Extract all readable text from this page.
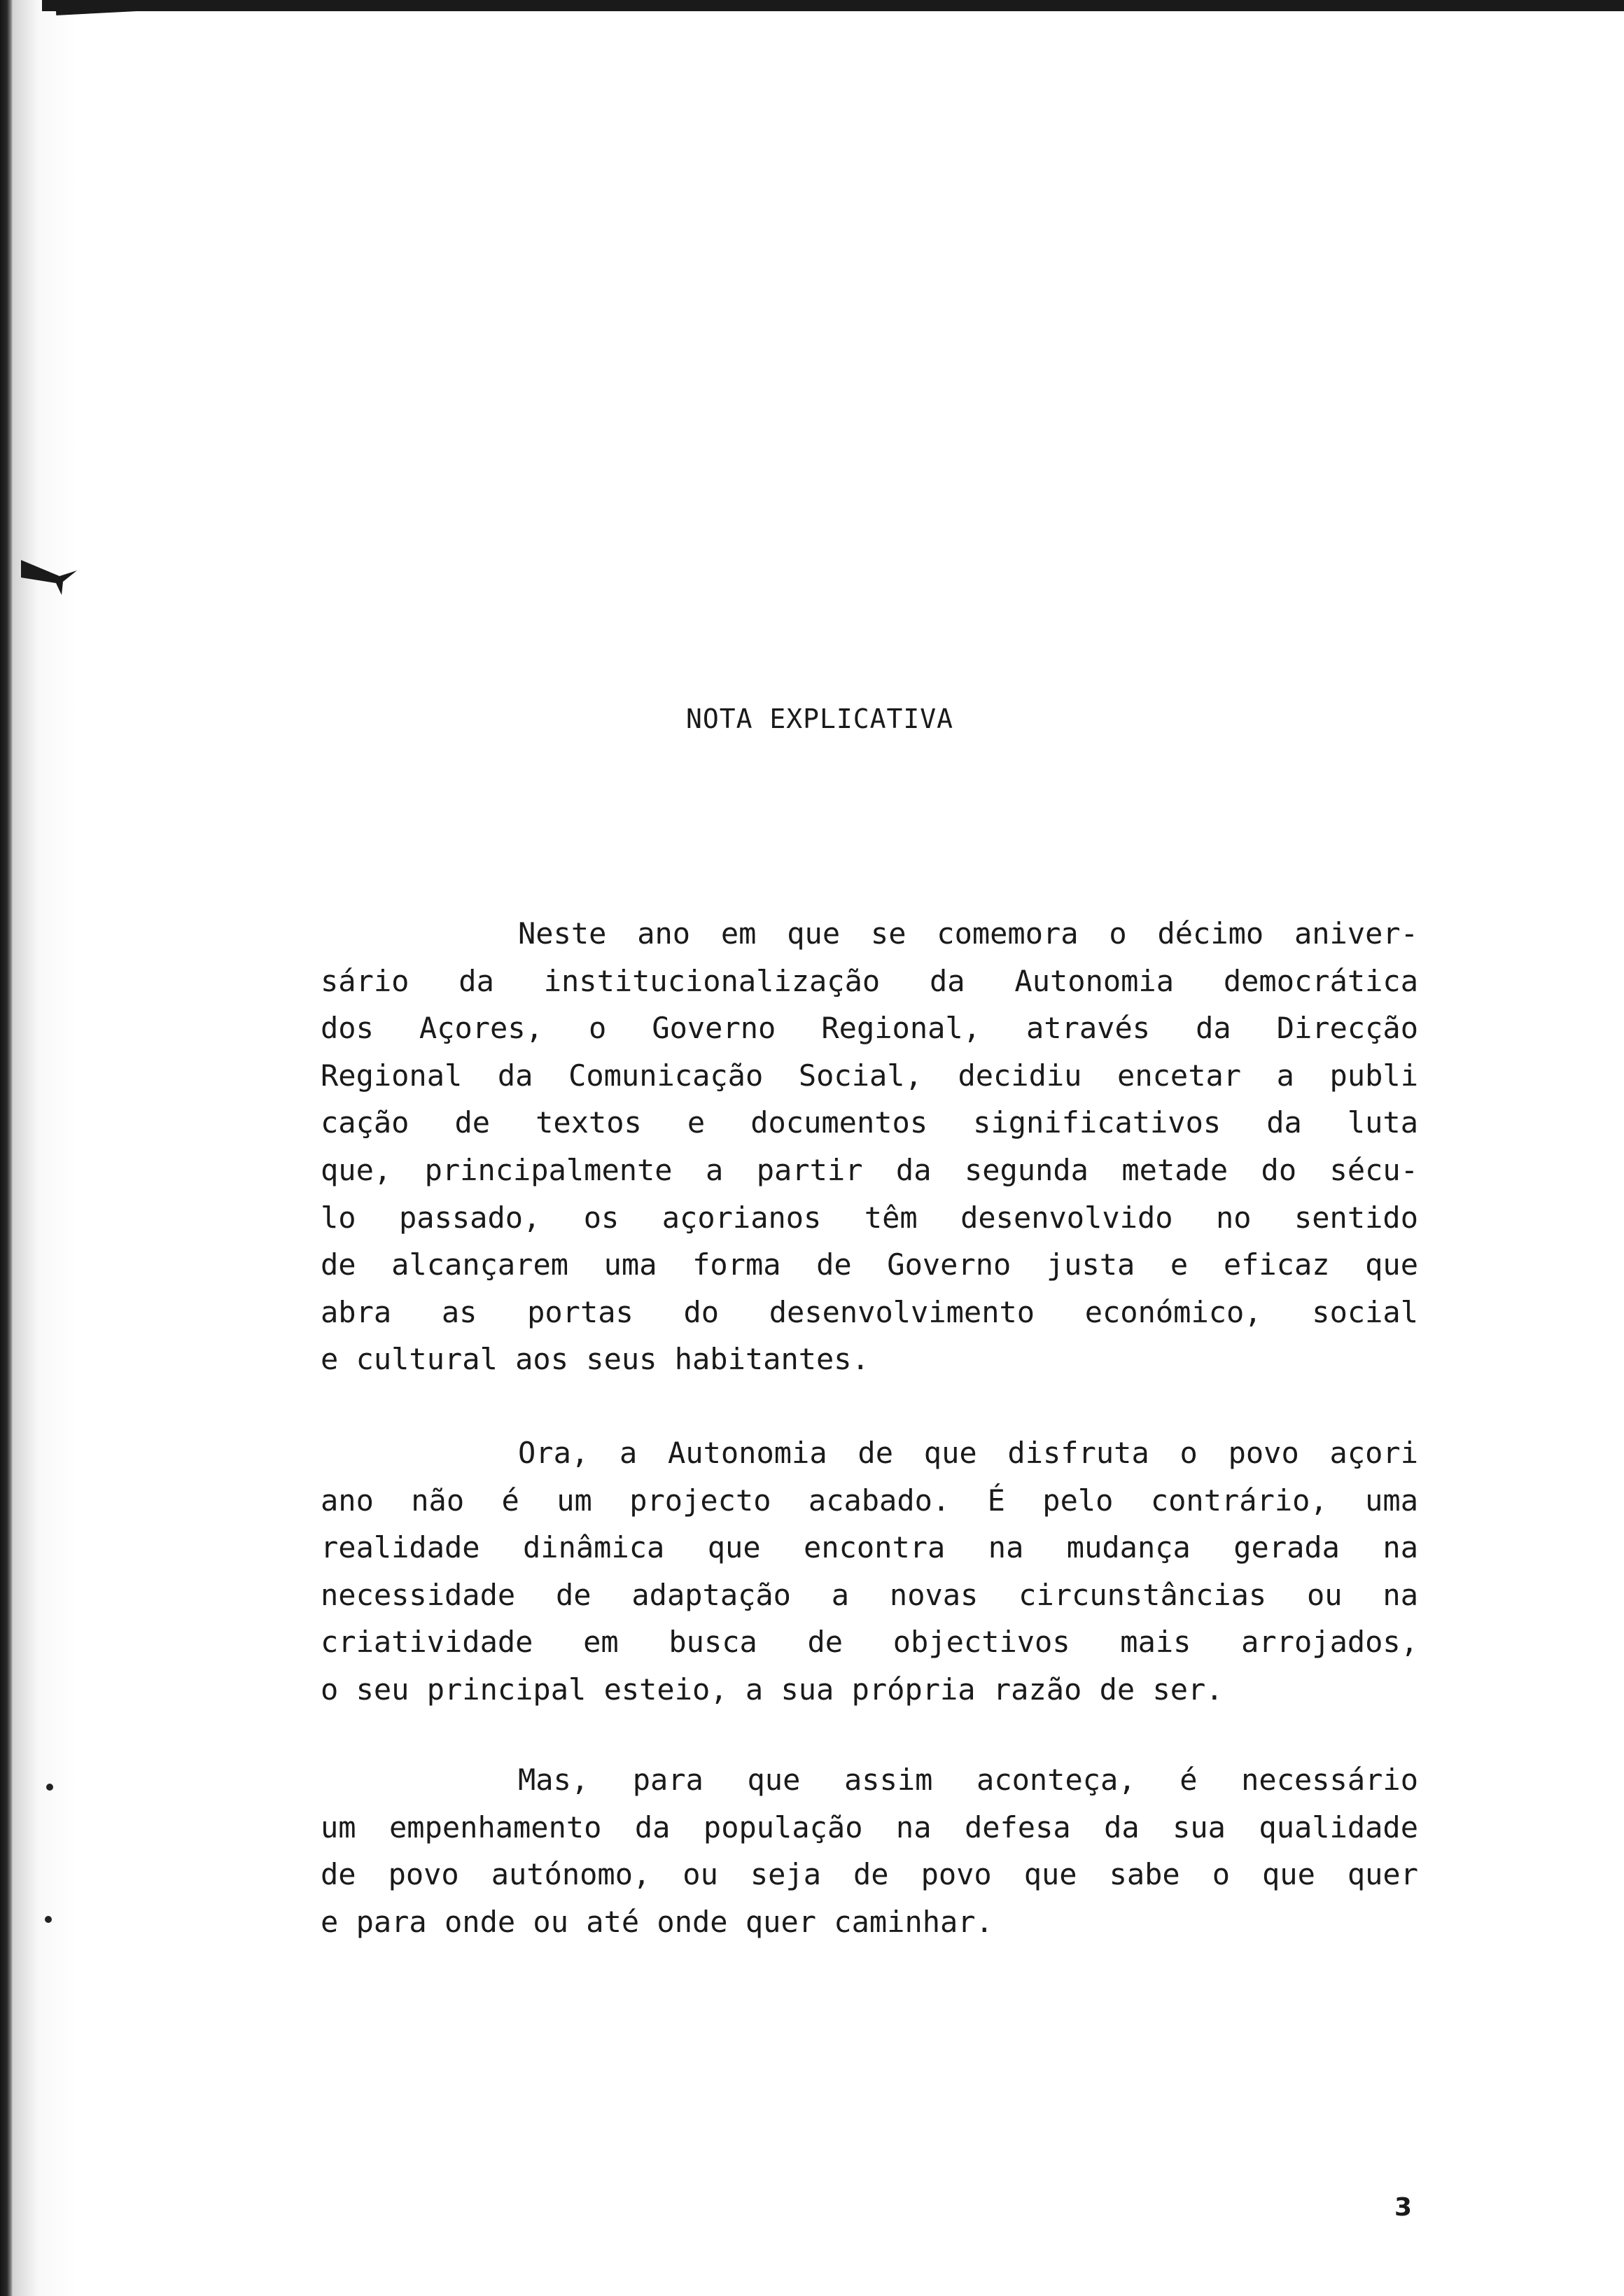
NOTA EXPLICATIVA
Neste ano em que se comemora o décimo aniver-
sário da institucionalização da Autonomia democrática
dos Açores, o Governo Regional, através da Direcção
Regional da Comunicação Social, decidiu encetar a publi
cação de textos e documentos significativos da luta
que, principalmente a partir da segunda metade do sécu-
lo passado, os açorianos têm desenvolvido no sentido
de alcançarem uma forma de Governo justa e eficaz que
abra as portas do desenvolvimento económico, social
e cultural aos seus habitantes.
Ora, a Autonomia de que disfruta o povo açori
ano não é um projecto acabado. É pelo contrário, uma
realidade dinâmica que encontra na mudança gerada na
necessidade de adaptação a novas circunstâncias ou na
criatividade em busca de objectivos mais arrojados,
o seu principal esteio, a sua própria razão de ser.
Mas, para que assim aconteça, é necessário
um empenhamento da população na defesa da sua qualidade
de povo autónomo, ou seja de povo que sabe o que quer
e para onde ou até onde quer caminhar.
3
